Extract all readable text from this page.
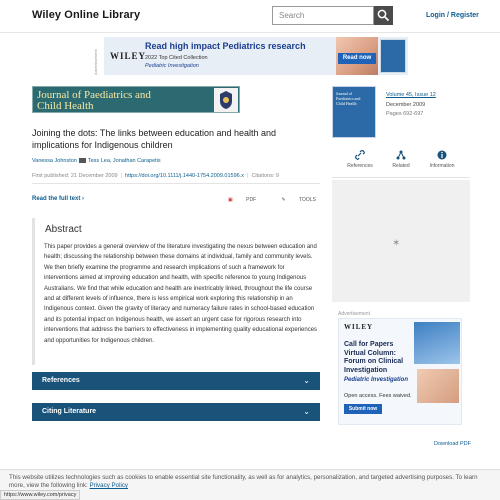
Wiley Online Library	Search	Login / Register
Advertisement	WILEY
Read high impact Pediatrics research
2022 Top Cited Collection
Pediatric Investigation
Read now
Journal of Paediatrics and
Child Health
Joining the dots: The links between education and health and implications for Indigenous children
Vanessa Johnston Tess Lea, Jonathan Carapetis
First published: 21 December 2009 | https://doi.org/10.1111/j.1440-1754.2009.01596.x | Citations: 9
Read the full text ›	▣	PDF	✎	TOOLS
Abstract
This paper provides a general overview of the literature investigating the nexus between education and health; discussing the relationship between these domains at individual, family and community levels. We then briefly examine the programme and research implications of such a framework for interventions aimed at improving education and health, with specific reference to young Indigenous Australians. We find that while education and health are inextricably linked, throughout the life course and at different levels of influence, there is less empirical work exploring this relationship in an Indigenous context. Given the gravity of literacy and numeracy failure rates in school-based education and its potential impact on Indigenous health, we assert an urgent case for rigorous research into interventions that address the barriers to effectiveness in implementing quality educational experiences and opportunities for Indigenous children.
References	⌄
Citing Literature	⌄
Journal of
Paediatrics and
Child Health
Volume 45, Issue 12
December 2009
Pages 692-697
References	Related	Information
✶
Advertisement
WILEY
Call for Papers Virtual Column: Forum on Clinical Investigation
Pediatric Investigation
Open access. Fees waived.
Submit now
Download PDF
This website utilizes technologies such as cookies to enable essential site functionality, as well as for analytics, personalization, and targeted advertising purposes. To learn more, view the following link: Privacy Policy
https://www.wiley.com/privacy
